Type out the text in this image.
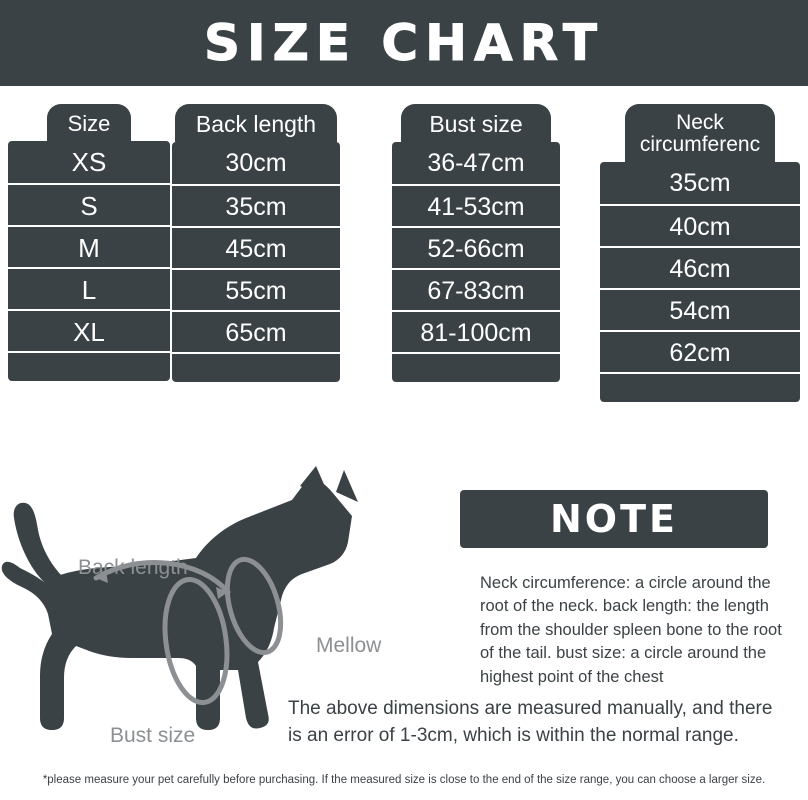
SIZE CHART
Size
XS
S
M
L
XL
Back length
30cm
35cm
45cm
55cm
65cm
Bust size
36-47cm
41-53cm
52-66cm
67-83cm
81-100cm
Neck circumferenc
35cm
40cm
46cm
54cm
62cm
Back length
Bust size
Mellow
NOTE
Neck circumference: a circle around the root of the neck. back length: the length from the shoulder spleen bone to the root of the tail. bust size: a circle around the highest point of the chest
The above dimensions are measured manually, and there is an error of 1-3cm, which is within the normal range.
*please measure your pet carefully before purchasing. If the measured size is close to the end of the size range, you can choose a larger size.
